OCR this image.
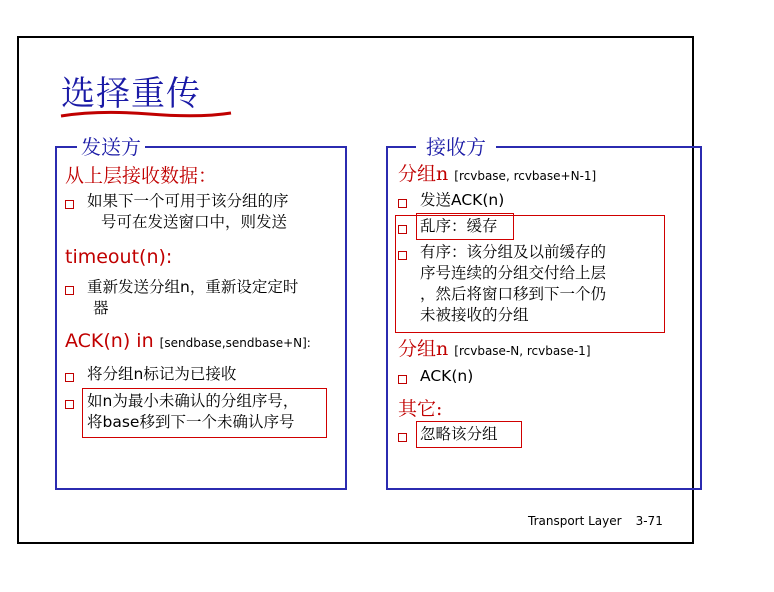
选择重传
发送方
从上层接收数据：
如果下一个可用于该分组的序
号可在发送窗口中，则发送
timeout(n):
重新发送分组n，重新设定定时
器
ACK(n) in [sendbase,sendbase+N]:
将分组n标记为已接收
如n为最小未确认的分组序号，
将base移到下一个未确认序号
接收方
分组n [rcvbase, rcvbase+N-1]
发送ACK(n)
乱序：缓存
有序：该分组及以前缓存的
序号连续的分组交付给上层
，然后将窗口移到下一个仍
未被接收的分组
分组n [rcvbase-N, rcvbase-1]
ACK(n)
其它:
忽略该分组
Transport Layer 3-71
